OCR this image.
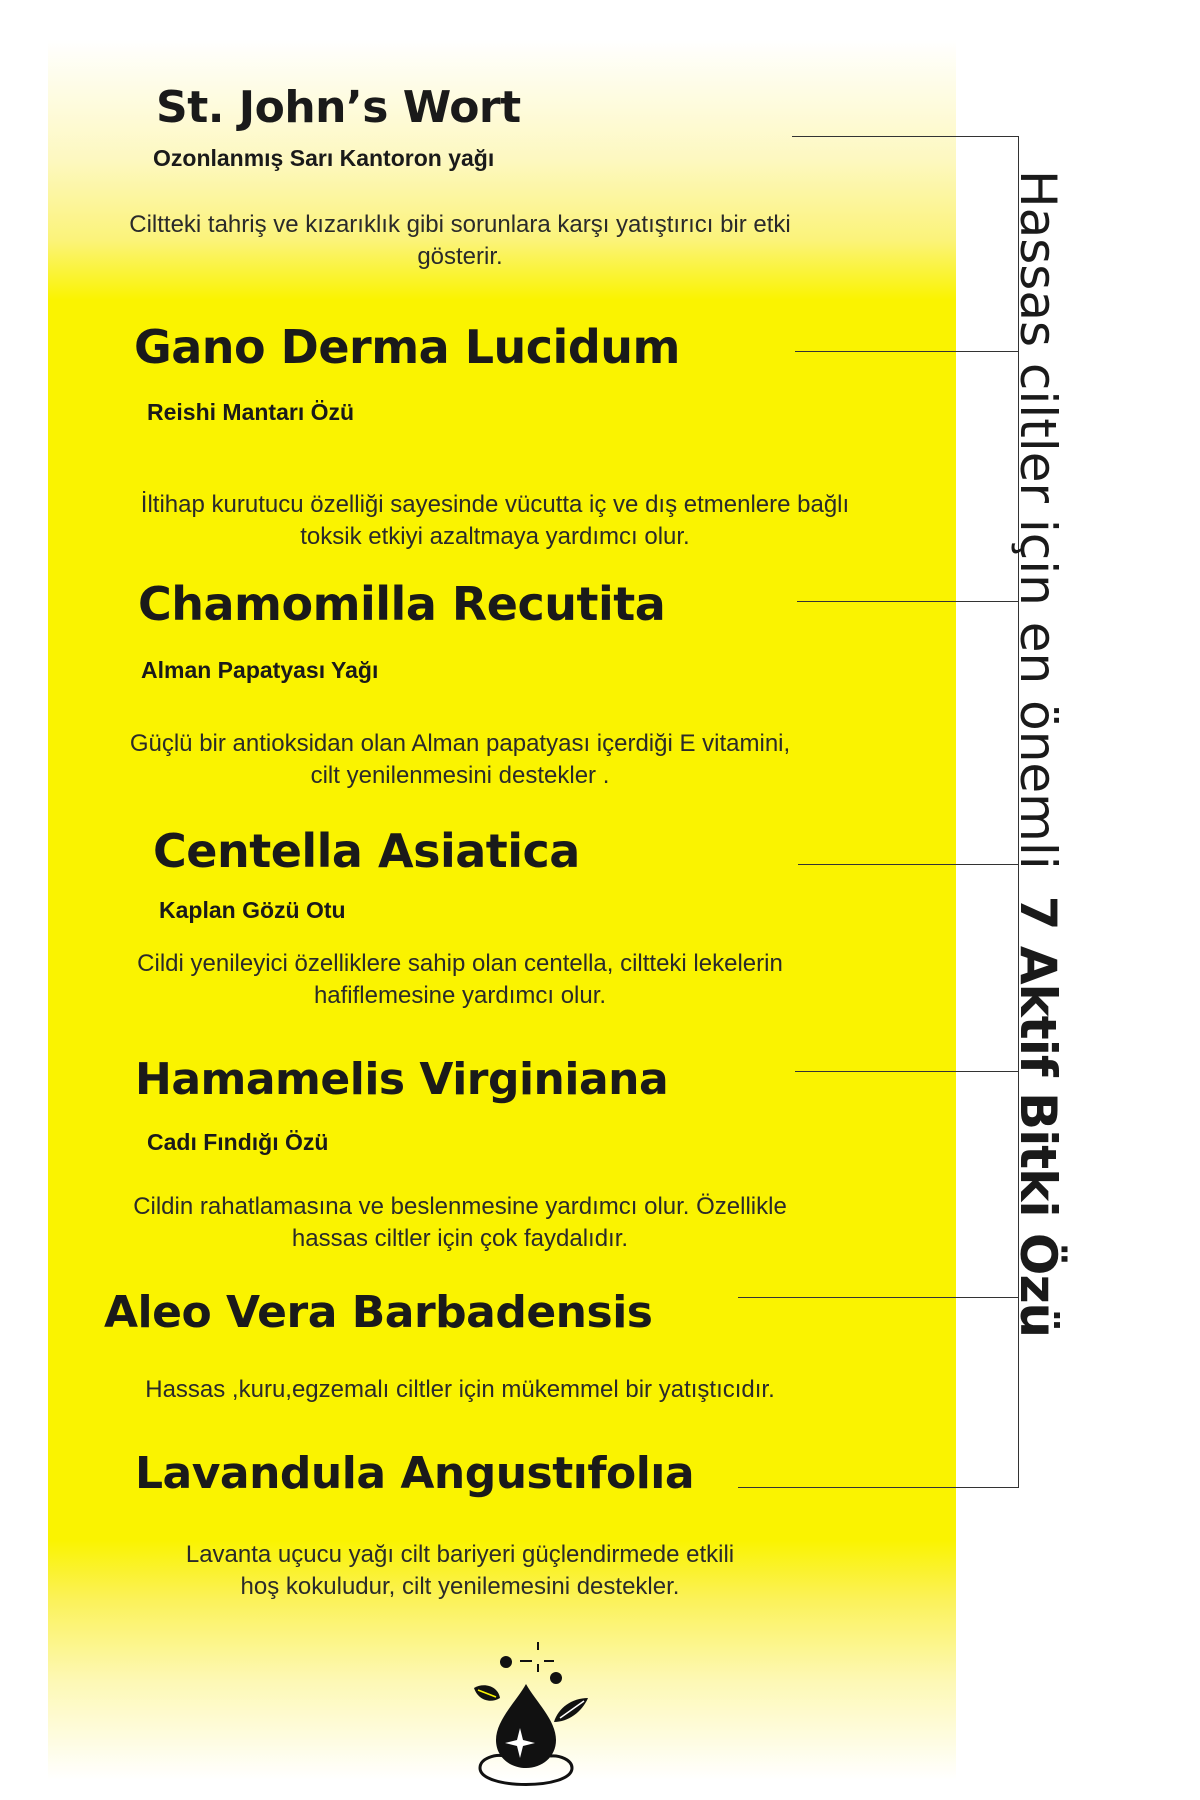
St. John’s Wort

Ozonlanmış Sarı Kantoron yağı

Ciltteki tahriş ve kızarıklık gibi sorunlara karşı yatıştırıcı bir etki
gösterir.

Gano Derma Lucidum

Reishi Mantarı Özü

İltihap kurutucu özelliği sayesinde vücutta iç ve dış etmenlere bağlı
toksik etkiyi azaltmaya yardımcı olur.

Chamomilla Recutita

Alman Papatyası Yağı

Güçlü bir antioksidan olan Alman papatyası içerdiği E vitamini,
cilt yenilenmesini destekler .

Centella Asiatica

Kaplan Gözü Otu

Cildi yenileyici özelliklere sahip olan centella, ciltteki lekelerin
hafiflemesine yardımcı olur.

Hamamelis Virginiana

Cadı Fındığı Özü

Cildin rahatlamasına ve beslenmesine yardımcı olur. Özellikle
hassas ciltler için çok faydalıdır.

Aleo Vera Barbadensis

Hassas ,kuru,egzemalı ciltler için mükemmel bir yatıştıcıdır.

Lavandula Angustıfolıa

Lavanta uçucu yağı cilt bariyeri güçlendirmede etkili
hoş kokuludur, cilt yenilemesini destekler.

Hassas ciltler için en önemli7 Aktif Bitki Özü
